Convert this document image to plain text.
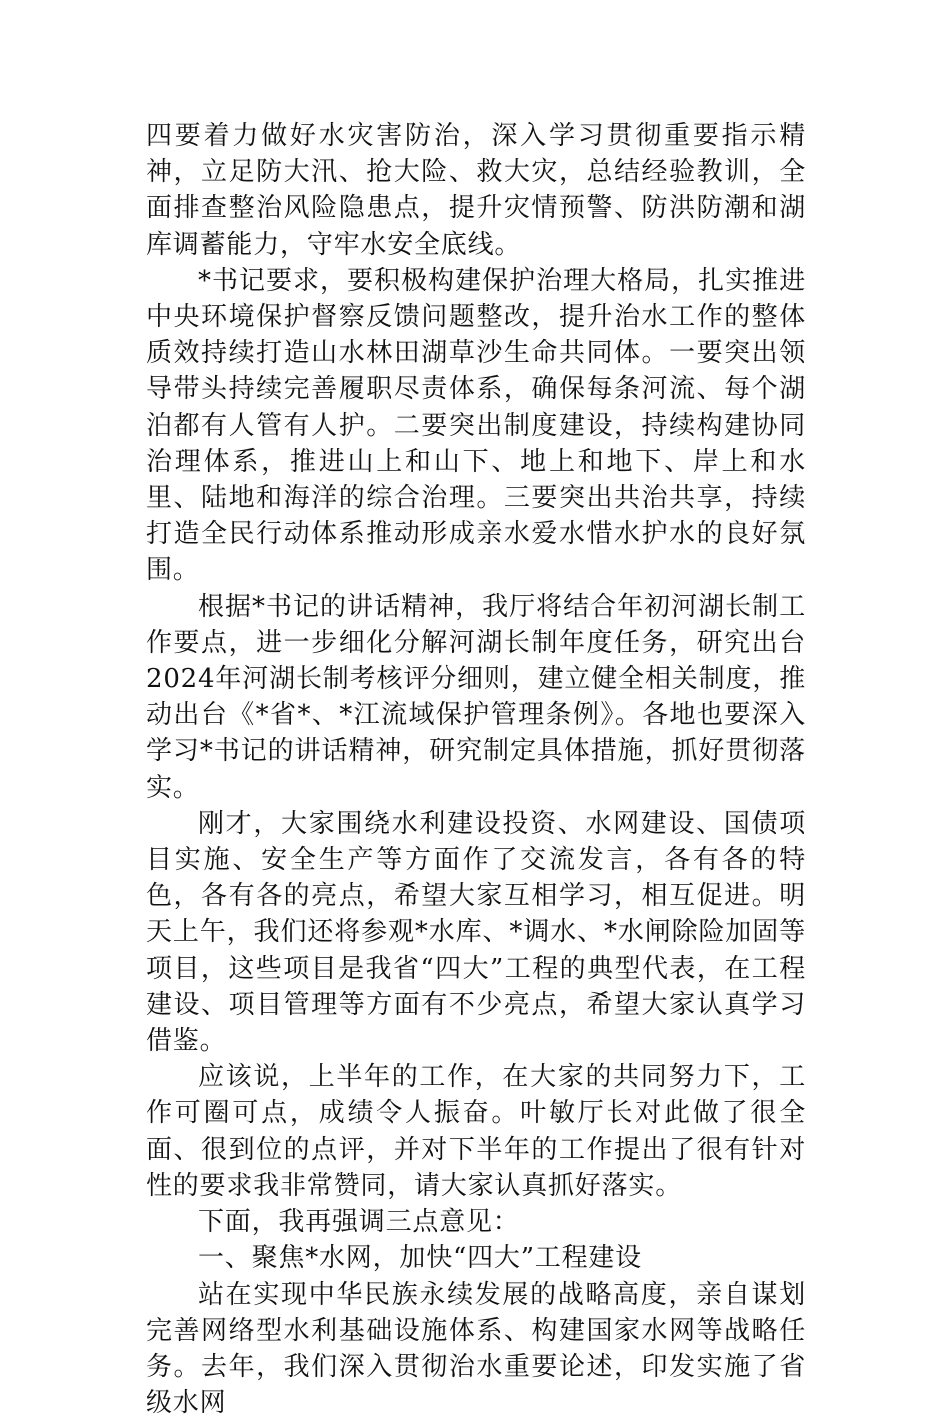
四要着力做好水灾害防治，深入学习贯彻重要指示精神，立足防大汛、抢大险、救大灾，总结经验教训，全面排查整治风险隐患点，提升灾情预警、防洪防潮和湖库调蓄能力，守牢水安全底线。

*书记要求，要积极构建保护治理大格局，扎实推进中央环境保护督察反馈问题整改，提升治水工作的整体质效持续打造山水林田湖草沙生命共同体。一要突出领导带头持续完善履职尽责体系，确保每条河流、每个湖泊都有人管有人护。二要突出制度建设，持续构建协同治理体系，推进山上和山下、地上和地下、岸上和水里、陆地和海洋的综合治理。三要突出共治共享，持续打造全民行动体系推动形成亲水爱水惜水护水的良好氛围。

根据*书记的讲话精神，我厅将结合年初河湖长制工作要点，进一步细化分解河湖长制年度任务，研究出台2024年河湖长制考核评分细则，建立健全相关制度，推动出台《*省*、*江流域保护管理条例》。各地也要深入学习*书记的讲话精神，研究制定具体措施，抓好贯彻落实。

刚才，大家围绕水利建设投资、水网建设、国债项目实施、安全生产等方面作了交流发言，各有各的特色，各有各的亮点，希望大家互相学习，相互促进。明天上午，我们还将参观*水库、*调水、*水闸除险加固等项目，这些项目是我省“四大”工程的典型代表，在工程建设、项目管理等方面有不少亮点，希望大家认真学习借鉴。

应该说，上半年的工作，在大家的共同努力下，工作可圈可点，成绩令人振奋。叶敏厅长对此做了很全面、很到位的点评，并对下半年的工作提出了很有针对性的要求我非常赞同，请大家认真抓好落实。

下面，我再强调三点意见：

一、聚焦*水网，加快“四大”工程建设

站在实现中华民族永续发展的战略高度，亲自谋划完善网络型水利基础设施体系、构建国家水网等战略任务。去年，我们深入贯彻治水重要论述，印发实施了省级水网
